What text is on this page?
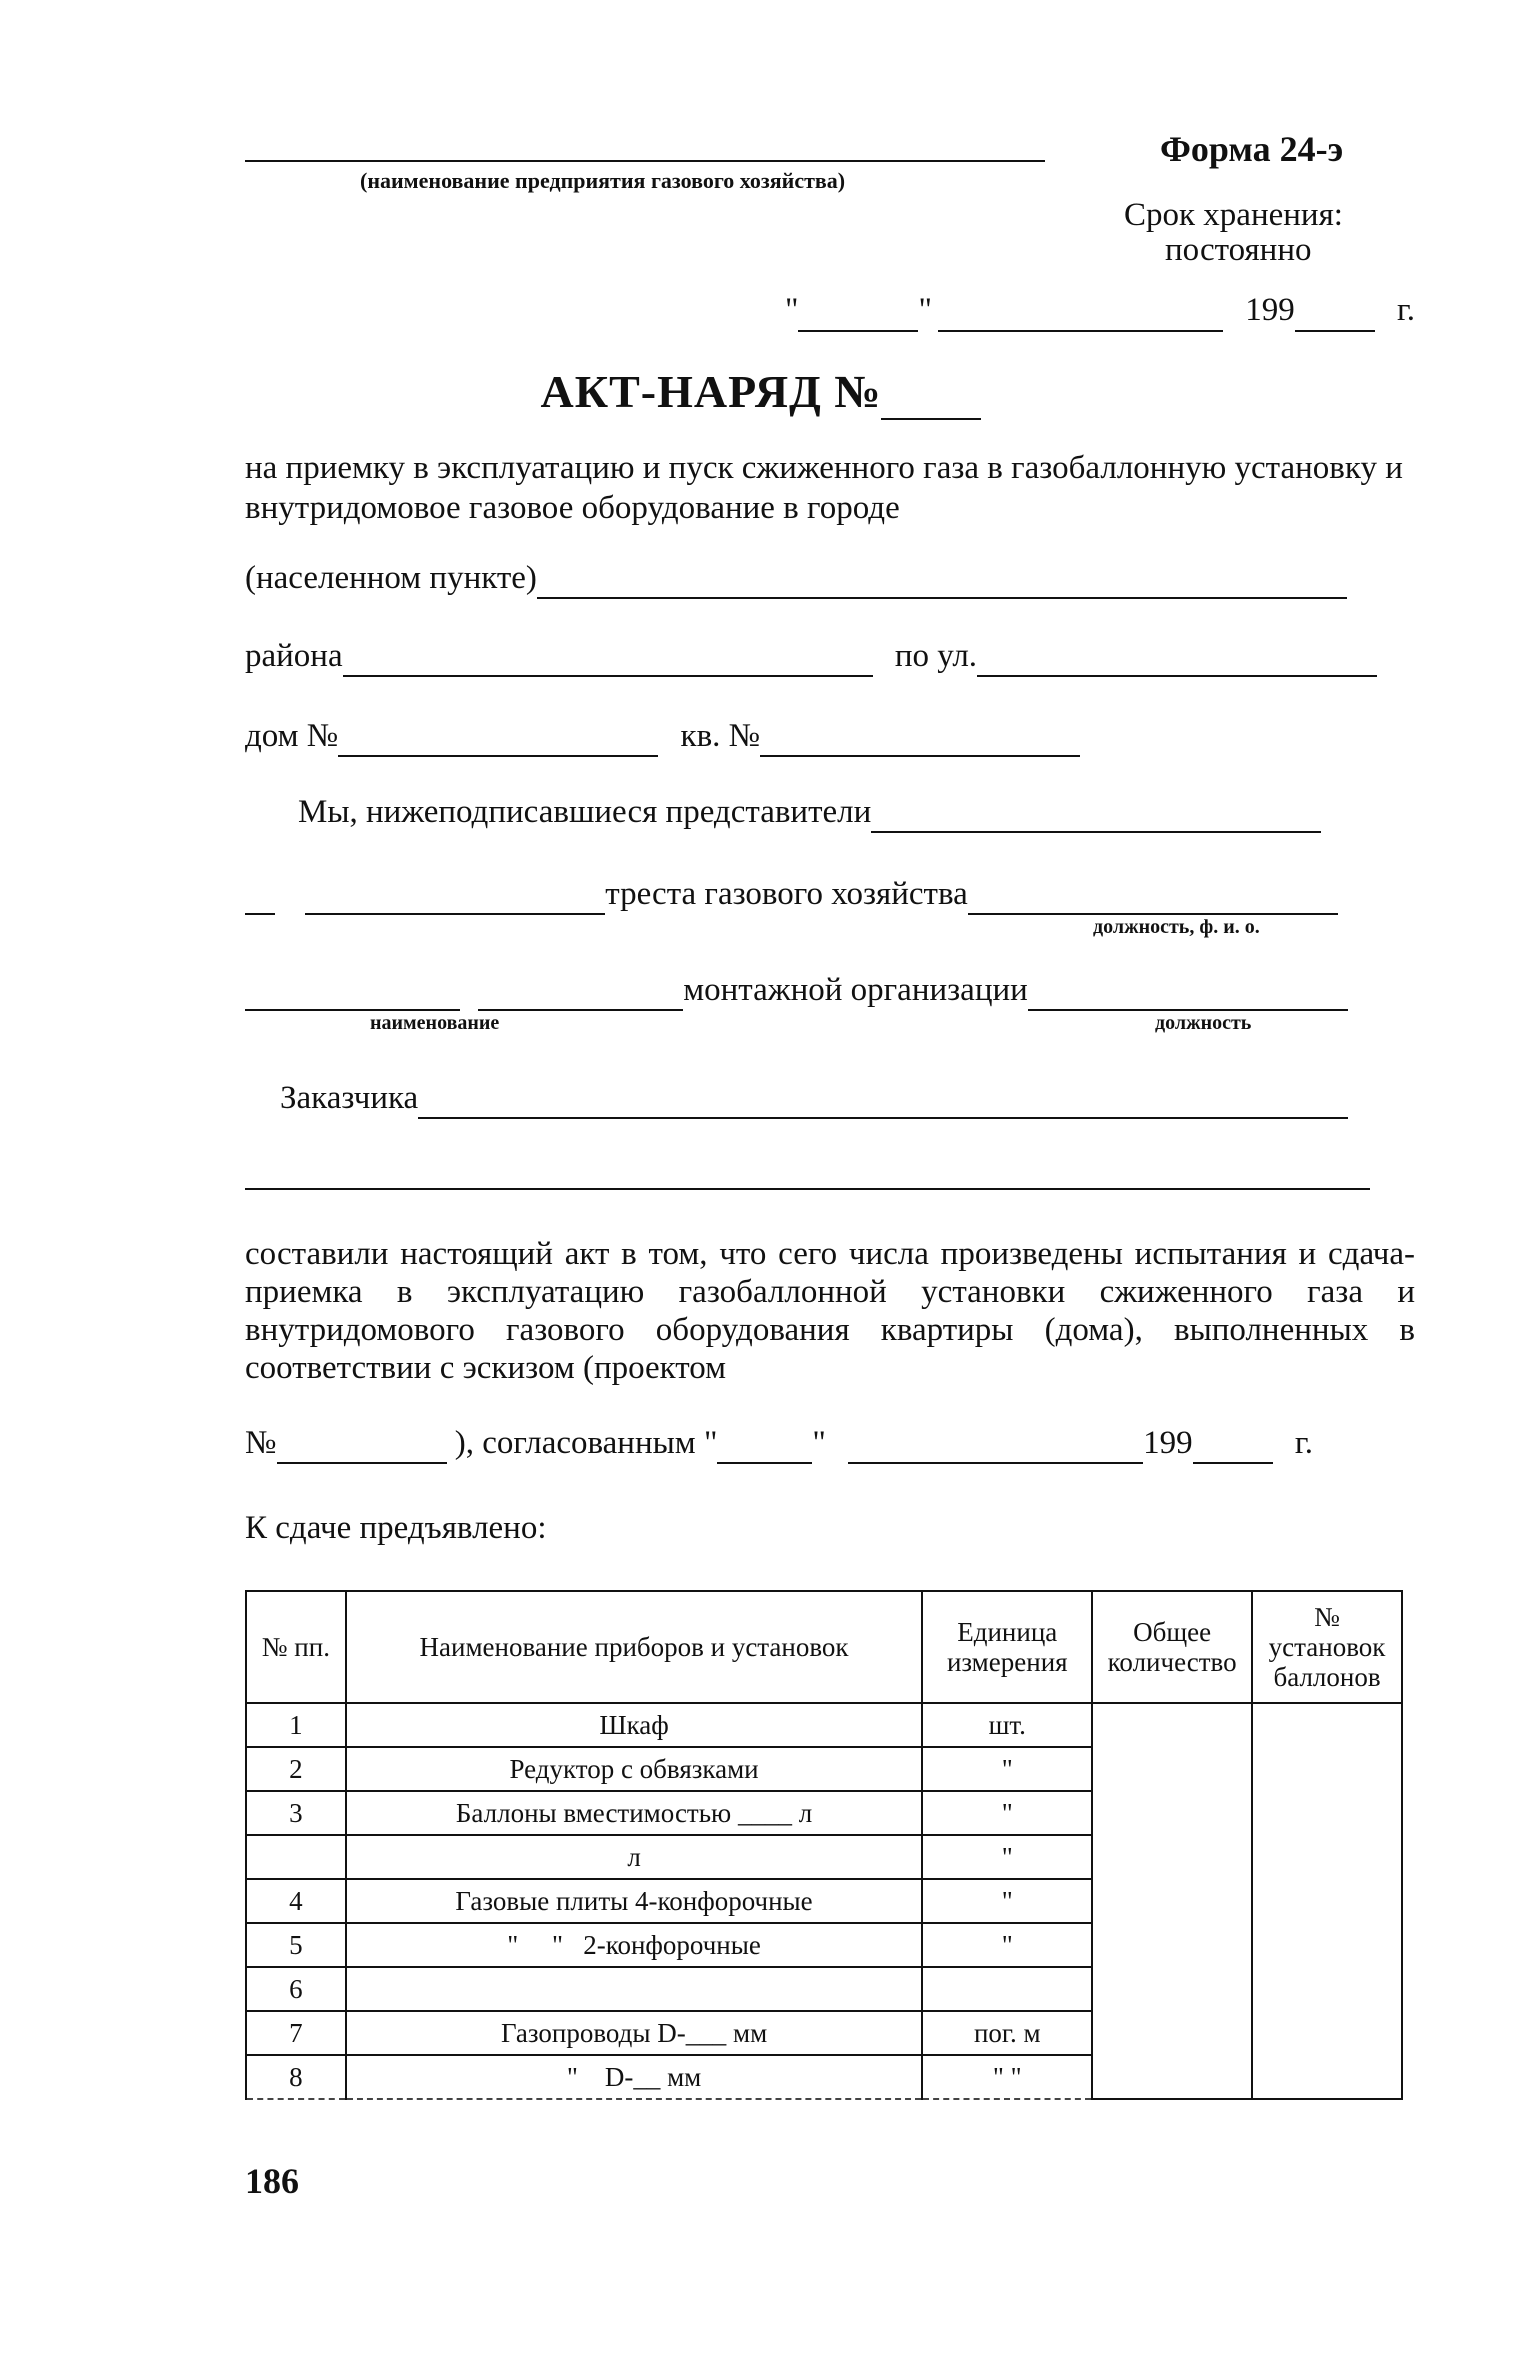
(наименование предприятия газового хозяйства)
Форма 24-э
Срок хранения:
постоянно
"	"	199	г.
АКТ-НАРЯД №
на приемку в эксплуатацию и пуск сжиженного газа в газобаллонную установку и внутридомовое газовое оборудование в городе
(населенном пункте)
района	по ул.
дом №	кв. №
Мы, нижеподписавшиеся представители
треста газового хозяйства
должность, ф. и. о.
монтажной организации
наименование	должность
Заказчика
составили настоящий акт в том, что сего числа произведены испытания и сдача-приемка в эксплуатацию газобаллонной установки сжиженного газа и внутридомового газового оборудования квартиры (дома), выполненных в соответствии с эскизом (проектом
№	), согласованным "	"	199	г.
К сдаче предъявлено:
№ пп.	Наименование приборов и установок	Единица измерения	Общее количество	№ установок баллонов
1	Шкаф	шт.		
2	Редуктор с обвязками	"		
3	Баллоны вместимостью ____ л	"		
	л	"		
4	Газовые плиты 4-конфорочные	"		
5	"     "   2-конфорочные	"		
6				
7	Газопроводы D-___ мм	пог. м		
8	"    D-__ мм	" "		
186
